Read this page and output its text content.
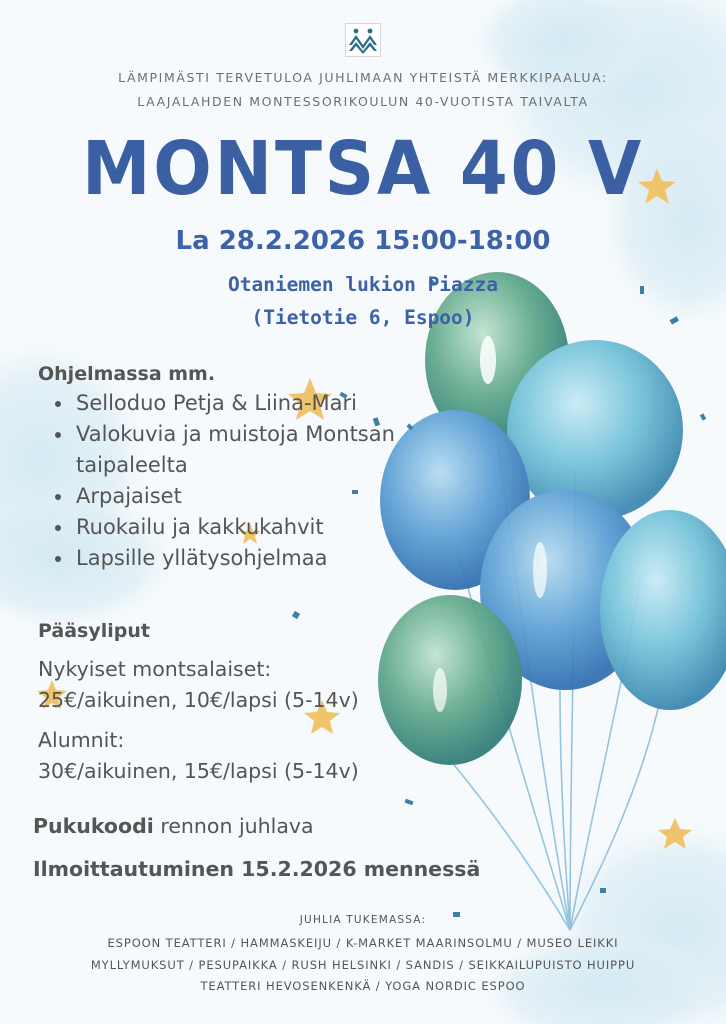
LÄMPIMÄSTI TERVETULOA JUHLIMAAN YHTEISTÄ MERKKIPAALUA:
LAAJALAHDEN MONTESSORIKOULUN 40-VUOTISTA TAIVALTA
MONTSA 40 V
La 28.2.2026 15:00-18:00
Otaniemen lukion Piazza
(Tietotie 6, Espoo)
Ohjelmassa mm.
• Selloduo Petja & Liina-Mari
• Valokuvia ja muistoja Montsan taipaleelta
• Arpajaiset
• Ruokailu ja kakkukahvit
• Lapsille yllätysohjelmaa
Pääsyliput
Nykyiset montsalaiset:
25€/aikuinen, 10€/lapsi (5-14v)
Alumnit:
30€/aikuinen, 15€/lapsi (5-14v)
Pukukoodi rennon juhlava
Ilmoittautuminen 15.2.2026 mennessä
JUHLIA TUKEMASSA:
ESPOON TEATTERI / HAMMASKEIJU / K-MARKET MAARINSOLMU / MUSEO LEIKKI
MYLLYMUKSUT / PESUPAIKKA / RUSH HELSINKI / SANDIS / SEIKKAILUPUISTO HUIPPU
TEATTERI HEVOSENKENKÄ / YOGA NORDIC ESPOO
